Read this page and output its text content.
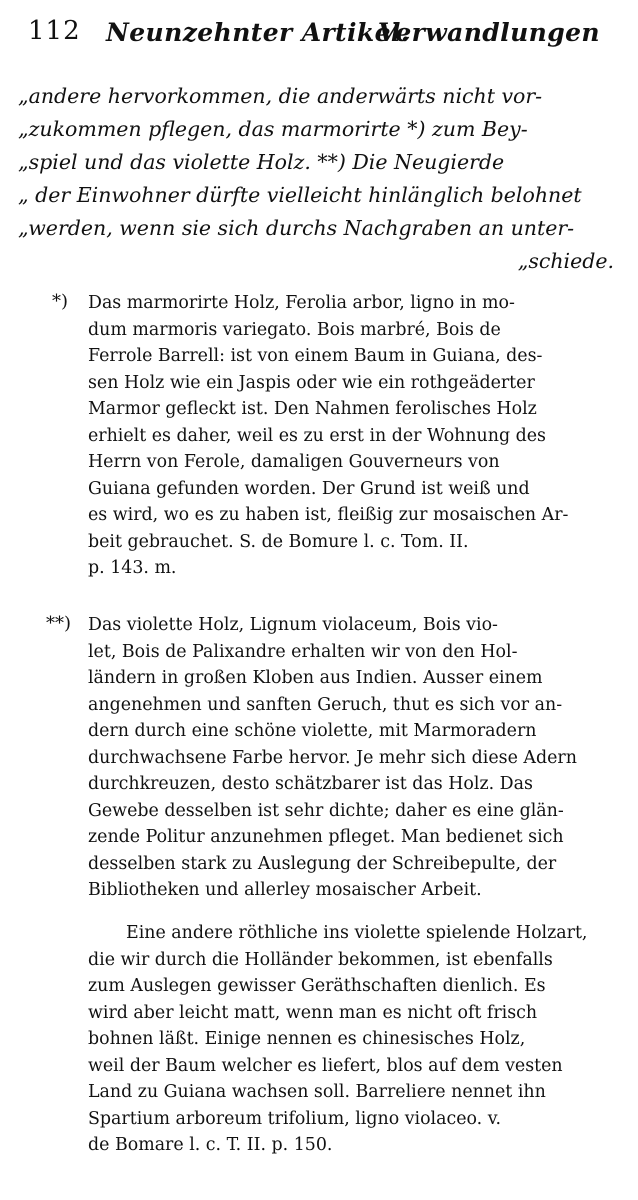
112 Neunzehnter Artikel.
Verwandlungen
„andere hervorkommen, die anderwärts nicht vor-
„zukommen pflegen, das marmorirte *) zum Bey-
„spiel und das violette Holz. **) Die Neugierde
„ der Einwohner dürfte vielleicht hinlänglich belohnet
„werden, wenn sie sich durchs Nachgraben an unter-
„schiede.
*) Das marmorirte Holz, Ferolia arbor, ligno in mo-
dum marmoris variegato. Bois marbré, Bois de
Ferrole Barrell: ist von einem Baum in Guiana, des-
sen Holz wie ein Jaspis oder wie ein rothgeäderter
Marmor gefleckt ist. Den Nahmen ferolisches Holz
erhielt es daher, weil es zu erst in der Wohnung des
Herrn von Ferole, damaligen Gouverneurs von
Guiana gefunden worden. Der Grund ist weiß und
es wird, wo es zu haben ist, fleißig zur mosaischen Ar-
beit gebrauchet. S. de Bomure l. c. Tom. II.
p. 143. m.
**) Das violette Holz, Lignum violaceum, Bois vio-
let, Bois de Palixandre erhalten wir von den Hol-
ländern in großen Kloben aus Indien. Ausser einem
angenehmen und sanften Geruch, thut es sich vor an-
dern durch eine schöne violette, mit Marmoradern
durchwachsene Farbe hervor. Je mehr sich diese Adern
durchkreuzen, desto schätzbarer ist das Holz. Das
Gewebe desselben ist sehr dichte; daher es eine glän-
zende Politur anzunehmen pfleget. Man bedienet sich
desselben stark zu Auslegung der Schreibepulte, der
Bibliotheken und allerley mosaischer Arbeit.
Eine andere röthliche ins violette spielende Holzart,
die wir durch die Holländer bekommen, ist ebenfalls
zum Auslegen gewisser Geräthschaften dienlich. Es
wird aber leicht matt, wenn man es nicht oft frisch
bohnen läßt. Einige nennen es chinesisches Holz,
weil der Baum welcher es liefert, blos auf dem vesten
Land zu Guiana wachsen soll. Barreliere nennet ihn
Spartium arboreum trifolium, ligno violaceo. v.
de Bomare l. c. T. II. p. 150.
